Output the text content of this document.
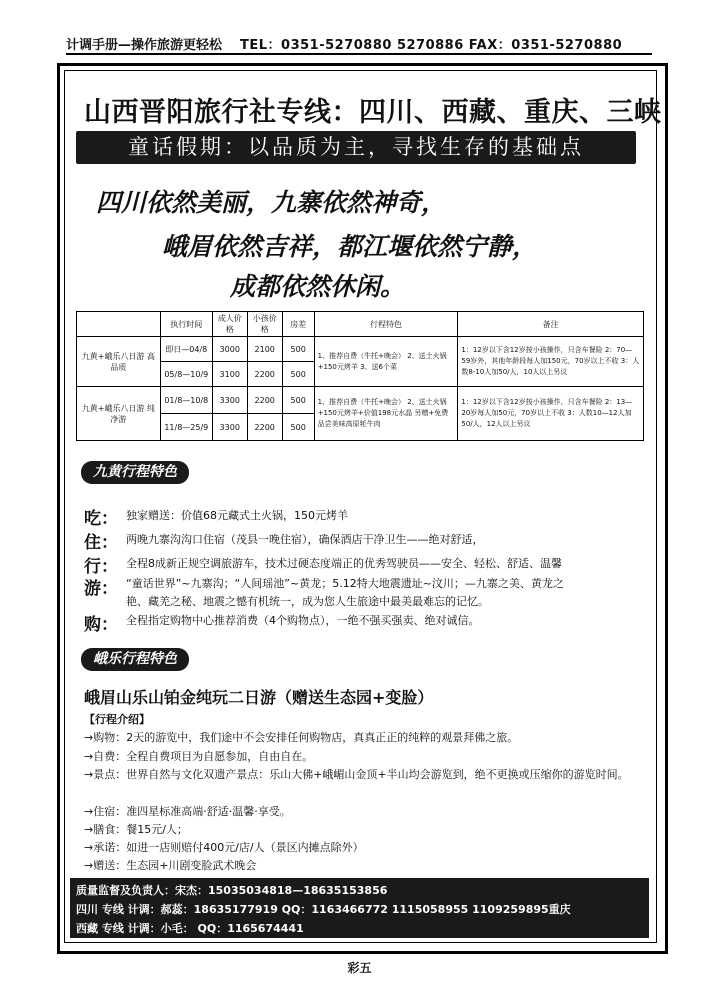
计调手册—操作旅游更轻松 TEL：0351-5270880 5270886 FAX：0351-5270880
山西晋阳旅行社专线：四川、西藏、重庆、三峡
童话假期：以品质为主，寻找生存的基础点
四川依然美丽，九寨依然神奇，
峨眉依然吉祥，都江堰依然宁静，
成都依然休闲。
	执行时间	成人价格	小孩价格	房差	行程特色	备注
九黄+峨乐八日游 高品质	即日—04/8	3000	2100	500	1、推荐自费（牛托+晚会） 2、送土火锅+150元烤羊 3、送6个菜	1：12岁以下含12岁按小孩操作，只含车餐险 2：70—59岁外，其他年龄段每人加150元，70岁以上不收 3：人数8-10人加50/人，10人以上另议
	05/8—10/9	3100	2200	500		
九黄+峨乐八日游 纯净游	01/8—10/8	3300	2200	500	1、推荐自费（牛托+晚会） 2、送土火锅+150元烤羊+价值198元水晶 另赠+免费品尝美味高原牦牛肉	1：12岁以下含12岁按小孩操作，只含车餐险 2：13—20岁每人加50元，70岁以上不收 3：人数10—12人加50/人，12人以上另议
	11/8—25/9	3300	2200	500		
九黄行程特色
吃： 独家赠送：价值68元藏式土火锅，150元烤羊
住： 两晚九寨沟沟口住宿（茂县一晚住宿），确保酒店干净卫生——绝对舒适，
行： 全程8成新正规空调旅游车，技术过硬态度端正的优秀驾驶员——安全、轻松、舒适、温馨
游： “童话世界”~九寨沟；“人间瑶池”~黄龙；5.12特大地震遗址~汶川；—九寨之美、黄龙之艳、藏羌之秘、地震之憾有机统一，成为您人生旅途中最美最难忘的记忆。
购： 全程指定购物中心推荐消费（4个购物点），一绝不强买强卖、绝对诚信。
峨乐行程特色
峨眉山乐山铂金纯玩二日游（赠送生态园+变脸）
【行程介绍】
→购物：2天的游览中，我们途中不会安排任何购物店，真真正正的纯粹的观景拜佛之旅。
→自费：全程自费项目为自愿参加，自由自在。
→景点：世界自然与文化双遗产景点：乐山大佛+峨嵋山金顶+半山均会游览到，绝不更换或压缩你的游览时间。
→住宿：准四星标准高端·舒适·温馨·享受。
→膳食：餐15元/人；
→承诺：如进一店则赔付400元/店/人（景区内摊点除外）
→赠送：生态园+川剧变脸武术晚会
质量监督及负责人：宋杰：15035034818—18635153856
四川 专线 计调：郝蕊：18635177919 QQ：1163466772 1115058955 1109259895重庆
西藏 专线 计调：小毛： QQ：1165674441
彩五
